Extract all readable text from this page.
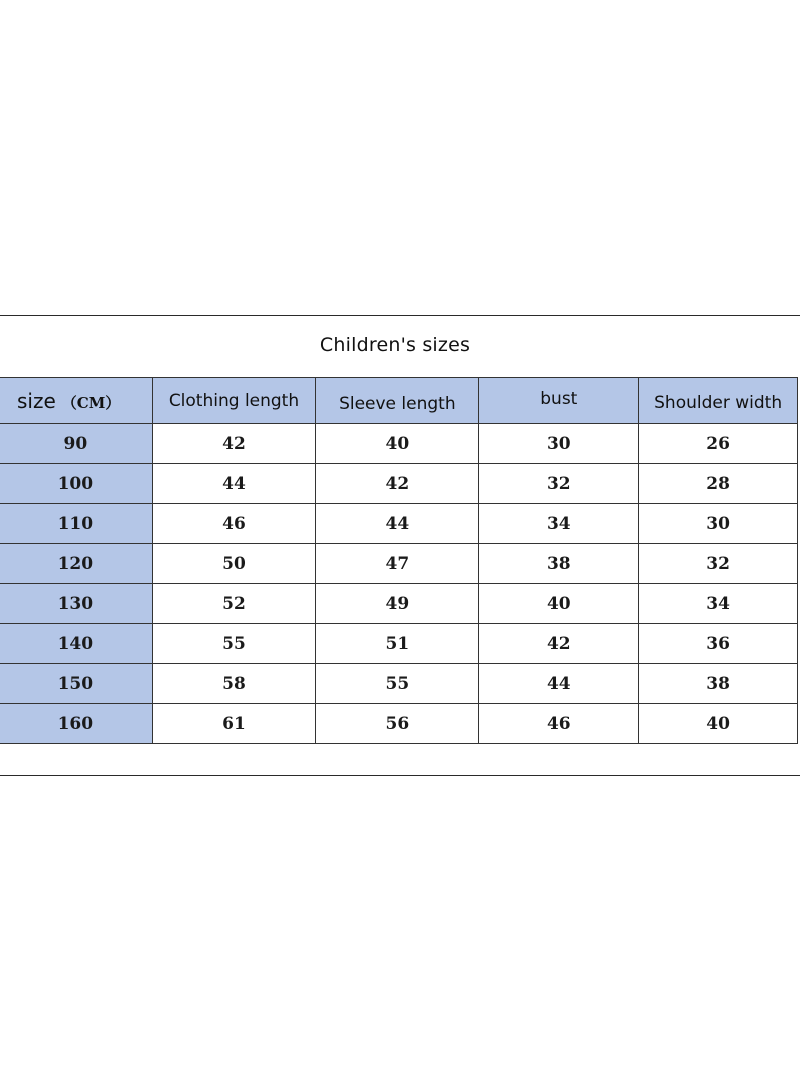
Children's sizes
size （CM）	Clothing length	Sleeve length	bust	Shoulder width
90	42	40	30	26
100	44	42	32	28
110	46	44	34	30
120	50	47	38	32
130	52	49	40	34
140	55	51	42	36
150	58	55	44	38
160	61	56	46	40
